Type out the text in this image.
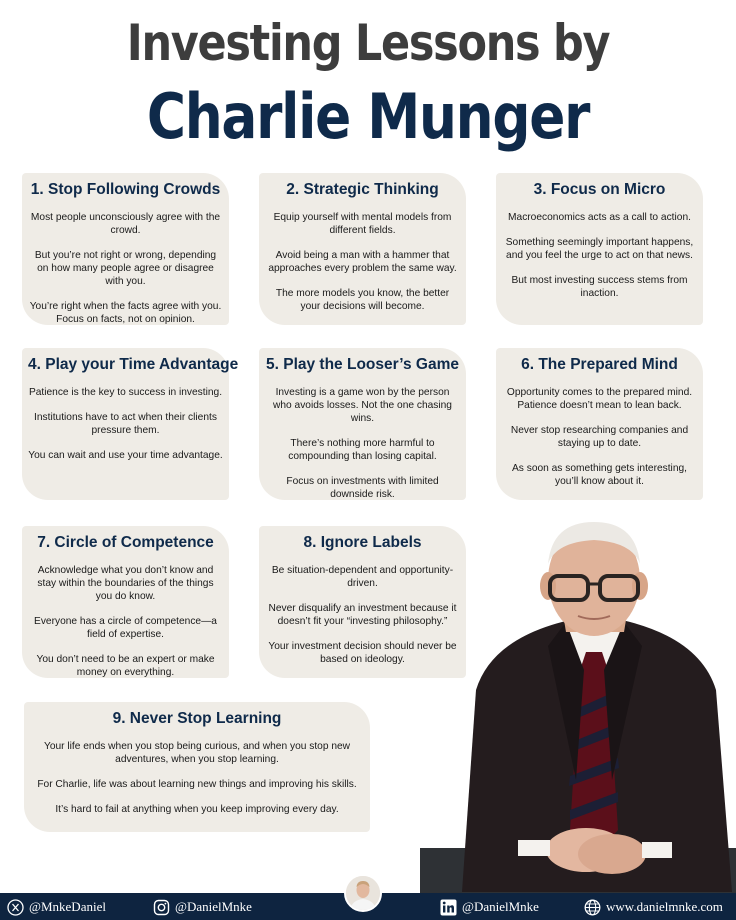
Investing Lessons by
Charlie Munger
1. Stop Following Crowds

Most people unconsciously agree with the crowd.

But you’re not right or wrong, depending on how many people agree or disagree with you.

You’re right when the facts agree with you. Focus on facts, not on opinion.

2. Strategic Thinking

Equip yourself with mental models from different fields.

Avoid being a man with a hammer that approaches every problem the same way.

The more models you know, the better your decisions will become.

3. Focus on Micro

Macroeconomics acts as a call to action.

Something seemingly important happens, and you feel the urge to act on that news.

But most investing success stems from inaction.

4. Play your Time Advantage

Patience is the key to success in investing.

Institutions have to act when their clients pressure them.

You can wait and use your time advantage.

5. Play the Looser’s Game

Investing is a game won by the person who avoids losses. Not the one chasing wins.

There’s nothing more harmful to compounding than losing capital.

Focus on investments with limited downside risk.

6. The Prepared Mind

Opportunity comes to the prepared mind. Patience doesn’t mean to lean back.

Never stop researching companies and staying up to date.

As soon as something gets interesting, you’ll know about it.

7. Circle of Competence

Acknowledge what you don’t know and stay within the boundaries of the things you do know.

Everyone has a circle of competence—a field of expertise.

You don’t need to be an expert or make money on everything.

8. Ignore Labels

Be situation-dependent and opportunity-driven.

Never disqualify an investment because it doesn’t fit your “investing philosophy.”

Your investment decision should never be based on ideology.

9. Never Stop Learning

Your life ends when you stop being curious, and when you stop new adventures, when you stop learning.

For Charlie, life was about learning new things and improving his skills.

It’s hard to fail at anything when you keep improving every day.

@MnkeDaniel	@DanielMnke	@DanielMnke	www.danielmnke.com
